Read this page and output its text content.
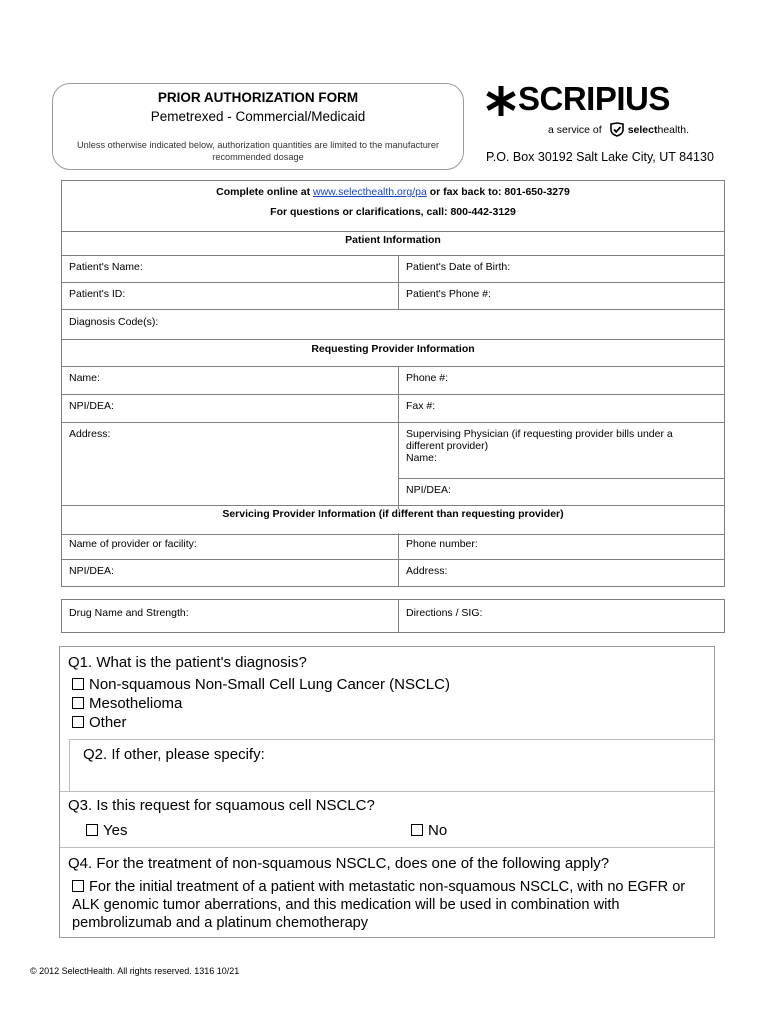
PRIOR AUTHORIZATION FORM
Pemetrexed - Commercial/Medicaid
Unless otherwise indicated below, authorization quantities are limited to the manufacturer
recommended dosage
SCRIPIUS
a service of select health.
P.O. Box 30192 Salt Lake City, UT 84130
Complete online at www.selecthealth.org/pa or fax back to: 801-650-3279
For questions or clarifications, call: 800-442-3129
Patient Information
Patient's Name:	Patient's Date of Birth:
Patient's ID:	Patient's Phone #:
Diagnosis Code(s):
Requesting Provider Information
Name:	Phone #:
NPI/DEA:	Fax #:
Address:	Supervising Physician (if requesting provider bills under a
different provider)
Name:
NPI/DEA:
Servicing Provider Information (if different than requesting provider)
Name of provider or facility:	Phone number:
NPI/DEA:	Address:
Drug Name and Strength:	Directions / SIG:
Q1. What is the patient's diagnosis?
Non-squamous Non-Small Cell Lung Cancer (NSCLC)
Mesothelioma
Other
Q2. If other, please specify:
Q3. Is this request for squamous cell NSCLC?
Yes	No
Q4. For the treatment of non-squamous NSCLC, does one of the following apply?
For the initial treatment of a patient with metastatic non-squamous NSCLC, with no EGFR or
ALK genomic tumor aberrations, and this medication will be used in combination with
pembrolizumab and a platinum chemotherapy
© 2012 SelectHealth. All rights reserved. 1316 10/21
